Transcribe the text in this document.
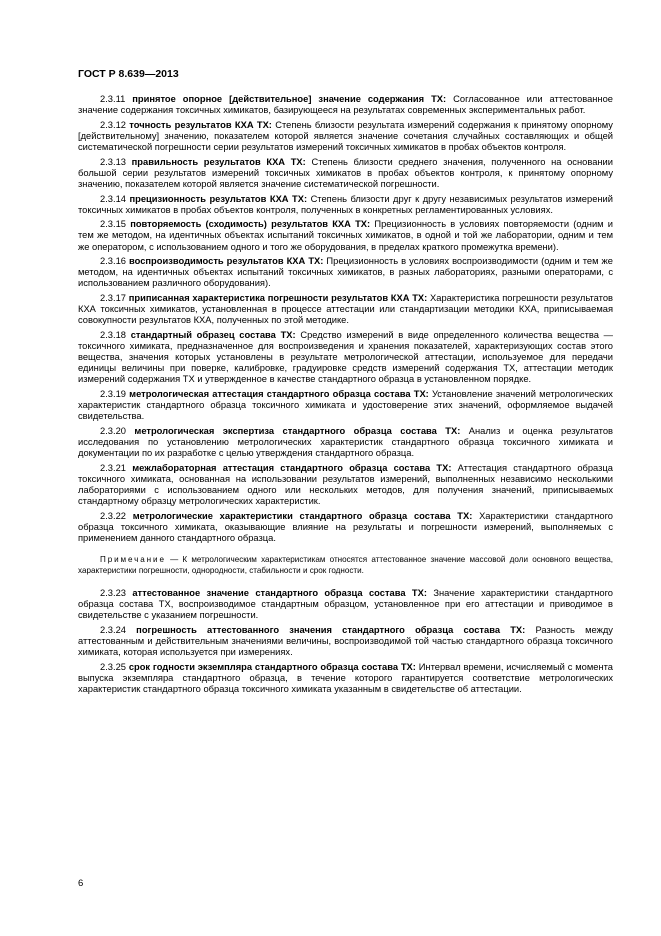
ГОСТ Р 8.639—2013

2.3.11 принятое опорное [действительное] значение содержания ТХ: Согласованное или аттестованное значение содержания токсичных химикатов, базирующееся на результатах современных экспериментальных работ.

2.3.12 точность результатов КХА ТХ: Степень близости результата измерений содержания к принятому опорному [действительному] значению, показателем которой является значение сочетания случайных составляющих и общей систематической погрешности серии результатов измерений токсичных химикатов в пробах объектов контроля.

2.3.13 правильность результатов КХА ТХ: Степень близости среднего значения, полученного на основании большой серии результатов измерений токсичных химикатов в пробах объектов контроля, к принятому опорному значению, показателем которой является значение систематической погрешности.

2.3.14 прецизионность результатов КХА ТХ: Степень близости друг к другу независимых результатов измерений токсичных химикатов в пробах объектов контроля, полученных в конкретных регламентированных условиях.

2.3.15 повторяемость (сходимость) результатов КХА ТХ: Прецизионность в условиях повторяемости (одним и тем же методом, на идентичных объектах испытаний токсичных химикатов, в одной и той же лаборатории, одним и тем же оператором, с использованием одного и того же оборудования, в пределах краткого промежутка времени).

2.3.16 воспроизводимость результатов КХА ТХ: Прецизионность в условиях воспроизводимости (одним и тем же методом, на идентичных объектах испытаний токсичных химикатов, в разных лабораториях, разными операторами, с использованием различного оборудования).

2.3.17 приписанная характеристика погрешности результатов КХА ТХ: Характеристика погрешности результатов КХА токсичных химикатов, установленная в процессе аттестации или стандартизации методики КХА, приписываемая совокупности результатов КХА, полученных по этой методике.

2.3.18 стандартный образец состава ТХ: Средство измерений в виде определенного количества вещества — токсичного химиката, предназначенное для воспроизведения и хранения показателей, характеризующих состав этого вещества, значения которых установлены в результате метрологической аттестации, используемое для передачи единицы величины при поверке, калибровке, градуировке средств измерений содержания ТХ, аттестации методик измерений содержания ТХ и утвержденное в качестве стандартного образца в установленном порядке.

2.3.19 метрологическая аттестация стандартного образца состава ТХ: Установление значений метрологических характеристик стандартного образца токсичного химиката и удостоверение этих значений, оформляемое выдачей свидетельства.

2.3.20 метрологическая экспертиза стандартного образца состава ТХ: Анализ и оценка результатов исследования по установлению метрологических характеристик стандартного образца токсичного химиката и документации по их разработке с целью утверждения стандартного образца.

2.3.21 межлабораторная аттестация стандартного образца состава ТХ: Аттестация стандартного образца токсичного химиката, основанная на использовании результатов измерений, выполненных независимо несколькими лабораториями с использованием одного или нескольких методов, для получения значений, приписываемых стандартному образцу метрологических характеристик.

2.3.22 метрологические характеристики стандартного образца состава ТХ: Характеристики стандартного образца токсичного химиката, оказывающие влияние на результаты и погрешности измерений, выполняемых с применением данного стандартного образца.

Примечание — К метрологическим характеристикам относятся аттестованное значение массовой доли основного вещества, характеристики погрешности, однородности, стабильности и срок годности.

2.3.23 аттестованное значение стандартного образца состава ТХ: Значение характеристики стандартного образца состава ТХ, воспроизводимое стандартным образцом, установленное при его аттестации и приводимое в свидетельстве с указанием погрешности.

2.3.24 погрешность аттестованного значения стандартного образца состава ТХ: Разность между аттестованным и действительным значениями величины, воспроизводимой той частью стандартного образца токсичного химиката, которая используется при измерениях.

2.3.25 срок годности экземпляра стандартного образца состава ТХ: Интервал времени, исчисляемый с момента выпуска экземпляра стандартного образца, в течение которого гарантируется соответствие метрологических характеристик стандартного образца токсичного химиката указанным в свидетельстве об аттестации.

6
